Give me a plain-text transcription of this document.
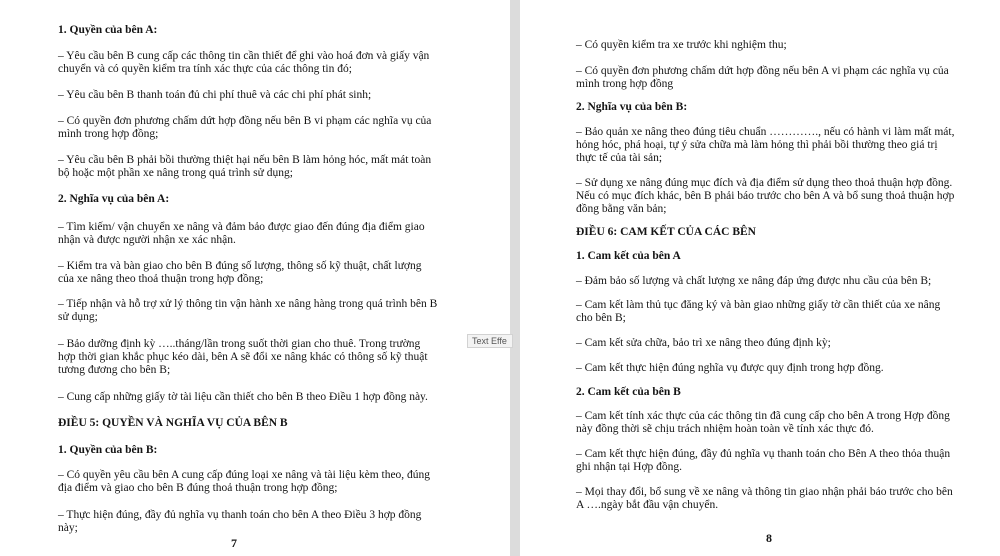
1. Quyền của bên A:
– Yêu cầu bên B cung cấp các thông tin cần thiết để ghi vào hoá đơn và giấy vận
chuyển và có quyền kiểm tra tính xác thực của các thông tin đó;
– Yêu cầu bên B thanh toán đủ chi phí thuê và các chi phí phát sinh;
– Có quyền đơn phương chấm dứt hợp đồng nếu bên B vi phạm các nghĩa vụ của
mình trong hợp đồng;
– Yêu cầu bên B phải bồi thường thiệt hại nếu bên B làm hỏng hóc, mất mát toàn
bộ hoặc một phần xe nâng trong quá trình sử dụng;
2. Nghĩa vụ của bên A:
– Tìm kiếm/ vận chuyển xe nâng và đảm bảo được giao đến đúng địa điểm giao
nhận và được người nhận xe xác nhận.
– Kiểm tra và bàn giao cho bên B đúng số lượng, thông số kỹ thuật, chất lượng
của xe nâng theo thoả thuận trong hợp đồng;
– Tiếp nhận và hỗ trợ xử lý thông tin vận hành xe nâng hàng trong quá trình bên B
sử dụng;
– Bảo dưỡng định kỳ …..tháng/lần trong suốt thời gian cho thuê. Trong trường
hợp thời gian khắc phục kéo dài, bên A sẽ đổi xe nâng khác có thông số kỹ thuật
tương đương cho bên B;
– Cung cấp những giấy tờ tài liệu cần thiết cho bên B theo Điều 1 hợp đồng này.
ĐIỀU 5: QUYỀN VÀ NGHĨA VỤ CỦA BÊN B
1. Quyền của bên B:
– Có quyền yêu cầu bên A cung cấp đúng loại xe nâng và tài liệu kèm theo, đúng
địa điểm và giao cho bên B đúng thoả thuận trong hợp đồng;
– Thực hiện đúng, đầy đủ nghĩa vụ thanh toán cho bên A theo Điều 3 hợp đồng
này;
7
– Có quyền kiểm tra xe trước khi nghiệm thu;
– Có quyền đơn phương chấm dứt hợp đồng nếu bên A vi phạm các nghĩa vụ của
mình trong hợp đồng
2. Nghĩa vụ của bên B:
– Bảo quản xe nâng theo đúng tiêu chuẩn …………., nếu có hành vi làm mất mát,
hỏng hóc, phá hoại, tự ý sửa chữa mà làm hỏng thì phải bồi thường theo giá trị
thực tế của tài sản;
– Sử dụng xe nâng đúng mục đích và địa điểm sử dụng theo thoả thuận hợp đồng.
Nếu có mục đích khác, bên B phải báo trước cho bên A và bổ sung thoả thuận hợp
đồng bằng văn bản;
ĐIỀU 6: CAM KẾT CỦA CÁC BÊN
1. Cam kết của bên A
– Đảm bảo số lượng và chất lượng xe nâng đáp ứng được nhu cầu của bên B;
– Cam kết làm thủ tục đăng ký và bàn giao những giấy tờ cần thiết của xe nâng
cho bên B;
– Cam kết sửa chữa, bảo trì xe nâng theo đúng định kỳ;
– Cam kết thực hiện đúng nghĩa vụ được quy định trong hợp đồng.
2. Cam kết của bên B
– Cam kết tính xác thực của các thông tin đã cung cấp cho bên A trong Hợp đồng
này đồng thời sẽ chịu trách nhiệm hoàn toàn về tính xác thực đó.
– Cam kết thực hiện đúng, đầy đủ nghĩa vụ thanh toán cho Bên A theo thỏa thuận
ghi nhận tại Hợp đồng.
– Mọi thay đổi, bổ sung về xe nâng và thông tin giao nhận phải báo trước cho bên
A ….ngày bắt đầu vận chuyển.
8
Text Effe
